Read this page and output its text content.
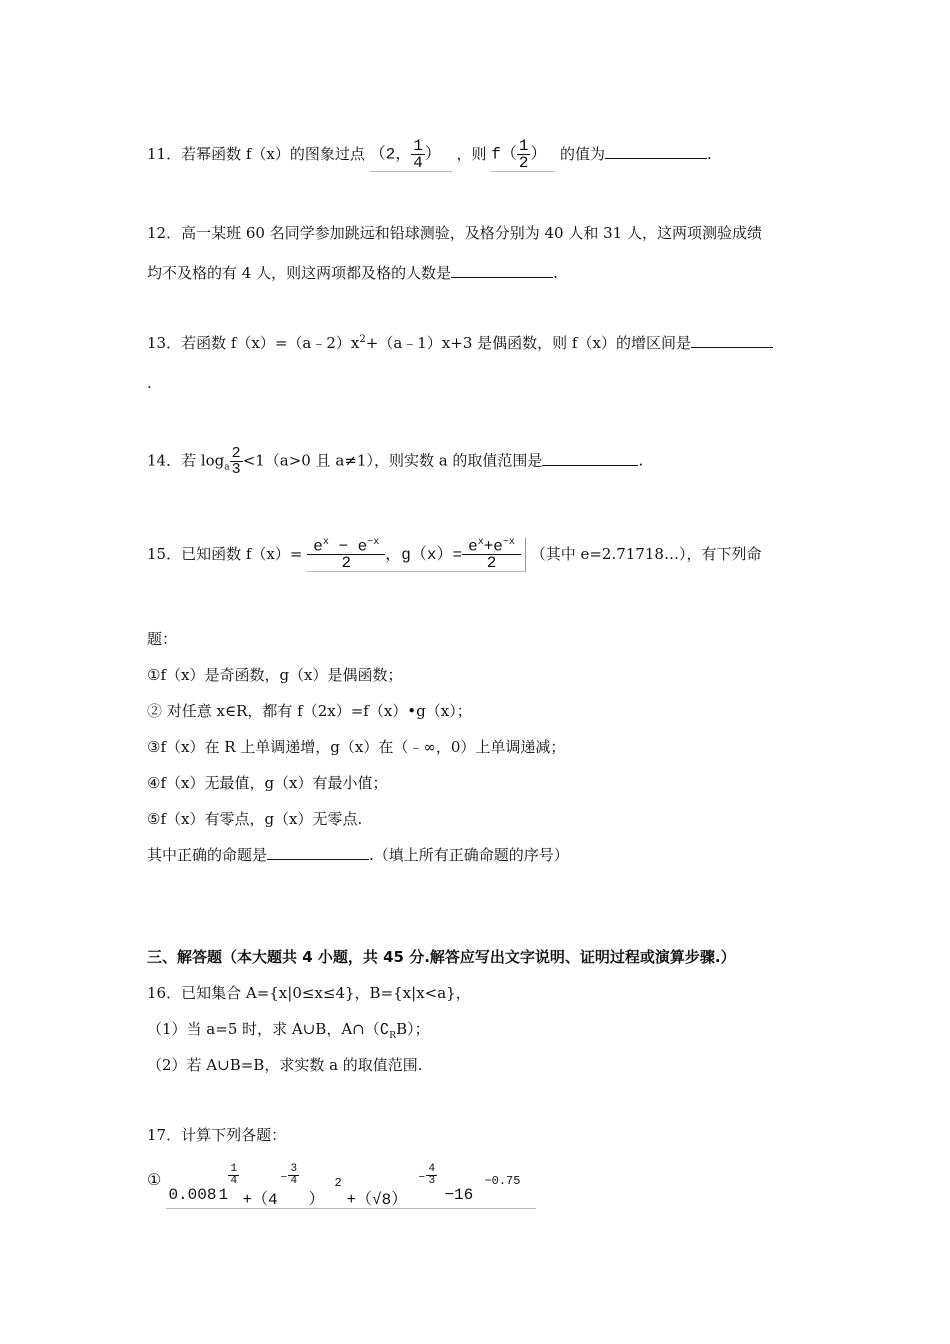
11．若幂函数 f（x）的图象过点 （2， $\frac{1}{4}$ ） ，则 $f( \frac{1}{2}$ ） 的值为	.
12．高一某班 60 名同学参加跳远和铅球测验，及格分别为 40 人和 31 人，这两项测验成绩
均不及格的有 4 人，则这两项都及格的人数是	.
13．若函数 $f(x)=(a﹣2)x^2+(a﹣1)x+3$ 是偶函数，则 f（x）的增区间是
.
14．若 $\log_a \frac{2}{3} <1(a>0$ 且 a≠1），则实数 a 的取值范围是	.
15．已知函数 $f(x)= \frac{e^x - e^{-x}}{2}$ ，$g(x)= \frac{e^x+e^{-x}}{2}$ （其中 e=2.71718…），有下列命
题：
①f（x）是奇函数，g（x）是偶函数；
② 对任意 x∈R，都有 f（2x）=f（x）•g（x）；
③f（x）在 R 上单调递增，g（x）在（﹣∞，0）上单调递减；
④f（x）无最值，g（x）有最小值；
⑤f（x）有零点，g（x）无零点.
其中正确的命题是	.（填上所有正确命题的序号）
三、解答题（本大题共 4 小题，共 45 分.解答应写出文字说明、证明过程或演算步骤.）
16．已知集合 A={x|0≤x≤4}，B={x|x<a}，
（1）当 a=5 时，求 A∪B，$A\cap(∁_RB)$；
（2）若 A∪B=B，求实数 a 的取值范围.
17．计算下列各题：
①
0.008 1
$\frac{1}{4}$
+（4
− $\frac{3}{4}$
）
2
+（√8）
− $\frac{4}{3}$
−16
−0.75
